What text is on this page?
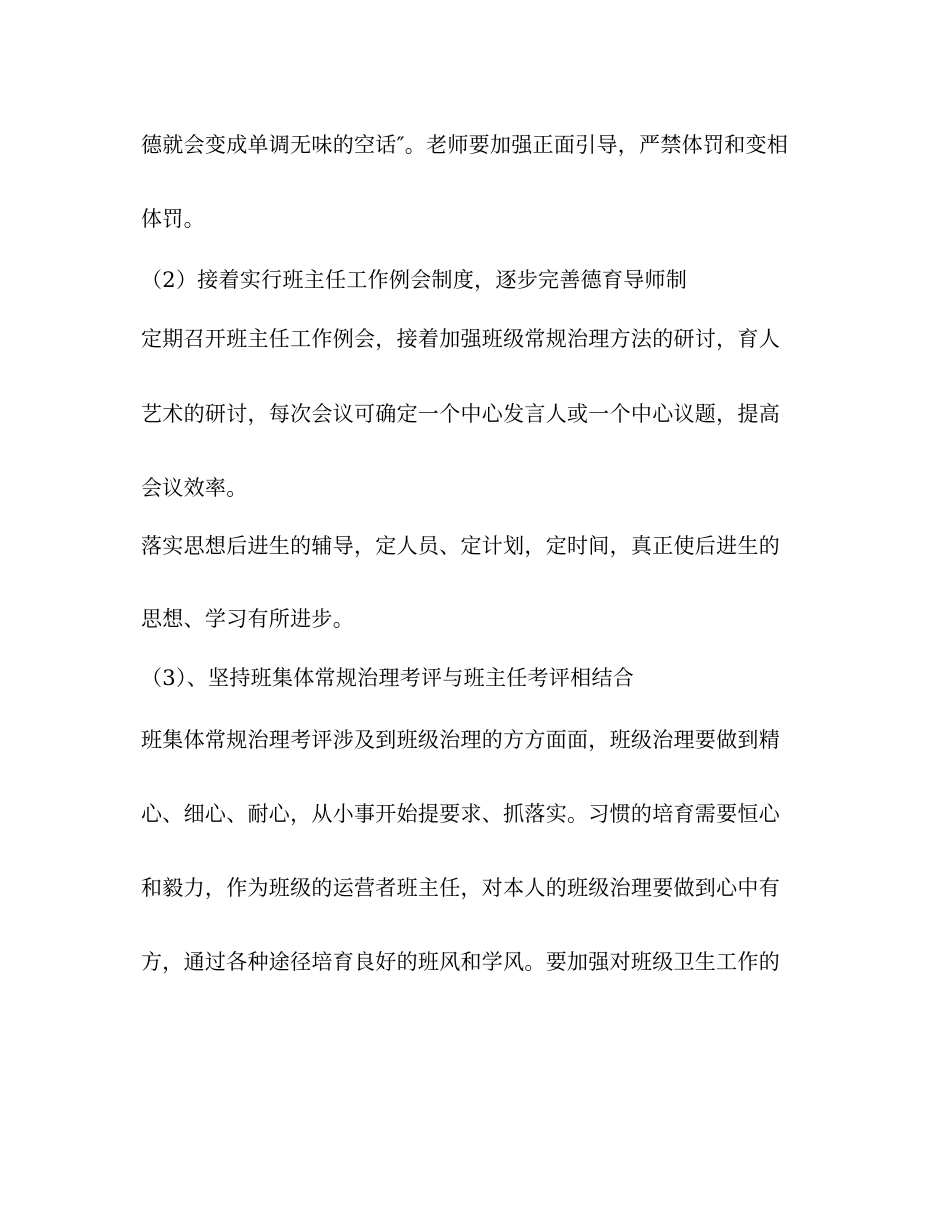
德就会变成单调无味的空话″。老师要加强正面引导，严禁体罚和变相
体罚。
（2）接着实行班主任工作例会制度，逐步完善德育导师制
定期召开班主任工作例会，接着加强班级常规治理方法的研讨，育人
艺术的研讨，每次会议可确定一个中心发言人或一个中心议题，提高
会议效率。
落实思想后进生的辅导，定人员、定计划，定时间，真正使后进生的
思想、学习有所进步。
（3）、坚持班集体常规治理考评与班主任考评相结合
班集体常规治理考评涉及到班级治理的方方面面，班级治理要做到精
心、细心、耐心，从小事开始提要求、抓落实。习惯的培育需要恒心
和毅力，作为班级的运营者班主任，对本人的班级治理要做到心中有
方，通过各种途径培育良好的班风和学风。要加强对班级卫生工作的
